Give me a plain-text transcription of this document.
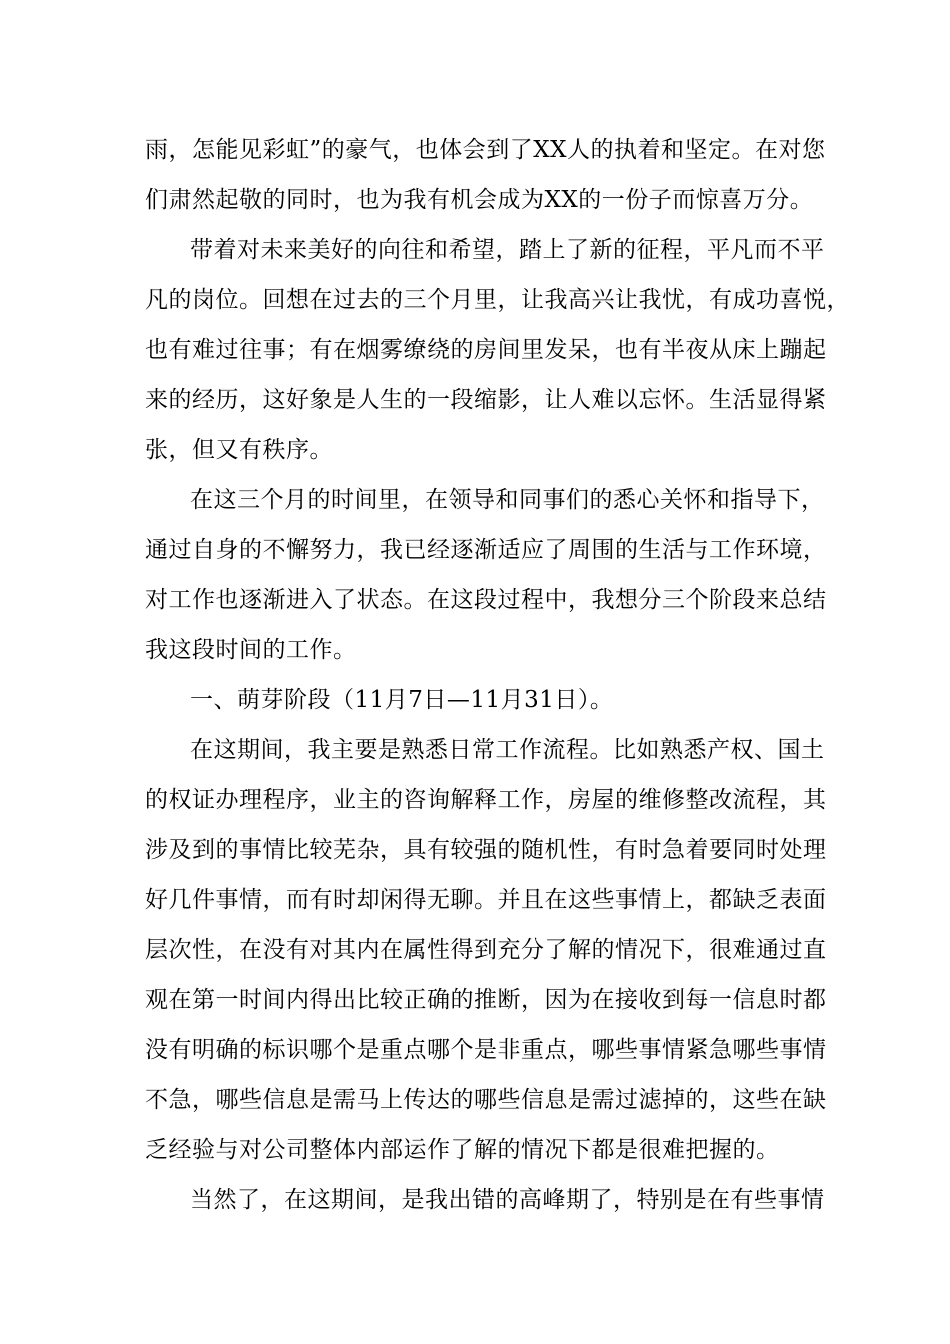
雨，怎能见彩虹”的豪气，也体会到了XX人的执着和坚定。在对您
们肃然起敬的同时，也为我有机会成为XX的一份子而惊喜万分。
带着对未来美好的向往和希望，踏上了新的征程，平凡而不平
凡的岗位。回想在过去的三个月里，让我高兴让我忧，有成功喜悦，
也有难过往事；有在烟雾缭绕的房间里发呆，也有半夜从床上蹦起
来的经历，这好象是人生的一段缩影，让人难以忘怀。生活显得紧
张，但又有秩序。
在这三个月的时间里，在领导和同事们的悉心关怀和指导下，
通过自身的不懈努力，我已经逐渐适应了周围的生活与工作环境，
对工作也逐渐进入了状态。在这段过程中，我想分三个阶段来总结
我这段时间的工作。
一、萌芽阶段（11月7日—11月31日）。
在这期间，我主要是熟悉日常工作流程。比如熟悉产权、国土
的权证办理程序，业主的咨询解释工作，房屋的维修整改流程，其
涉及到的事情比较芜杂，具有较强的随机性，有时急着要同时处理
好几件事情，而有时却闲得无聊。并且在这些事情上，都缺乏表面
层次性，在没有对其内在属性得到充分了解的情况下，很难通过直
观在第一时间内得出比较正确的推断，因为在接收到每一信息时都
没有明确的标识哪个是重点哪个是非重点，哪些事情紧急哪些事情
不急，哪些信息是需马上传达的哪些信息是需过滤掉的，这些在缺
乏经验与对公司整体内部运作了解的情况下都是很难把握的。
当然了，在这期间，是我出错的高峰期了，特别是在有些事情
